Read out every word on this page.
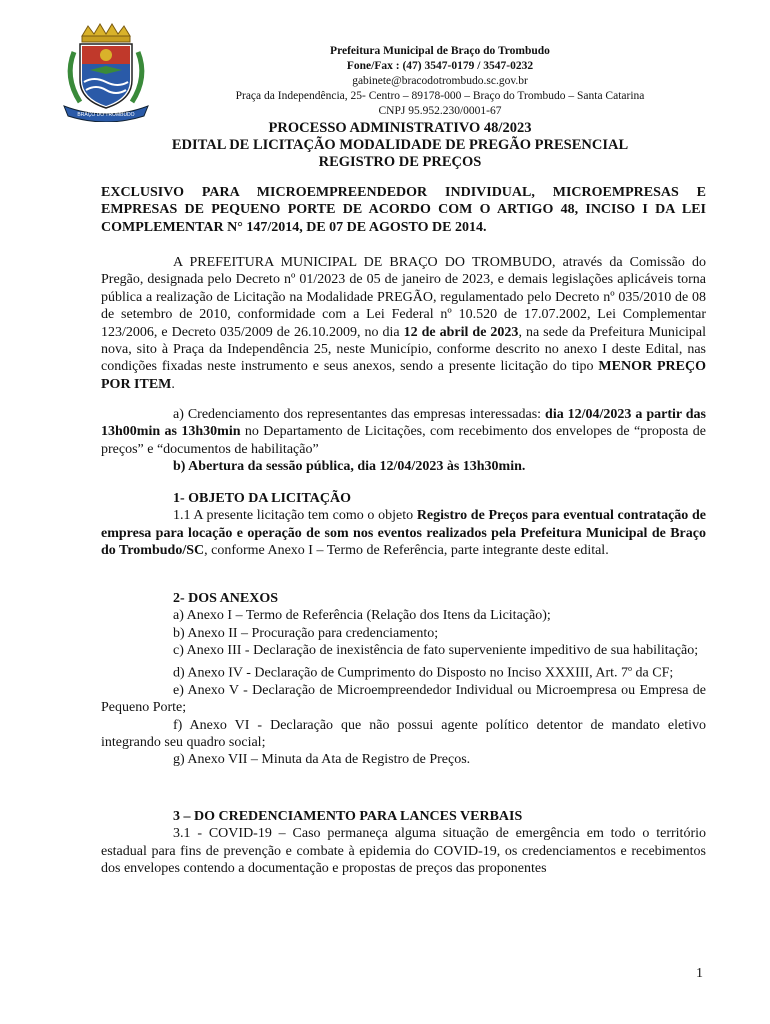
BRAÇO DO TROMBUDO
Prefeitura Municipal de Braço do Trombudo
Fone/Fax : (47) 3547-0179 / 3547-0232
gabinete@bracodotrombudo.sc.gov.br
Praça da Independência, 25- Centro – 89178-000 – Braço do Trombudo – Santa Catarina
CNPJ 95.952.230/0001-67
PROCESSO ADMINISTRATIVO 48/2023
EDITAL DE LICITAÇÃO MODALIDADE DE PREGÃO PRESENCIAL
REGISTRO DE PREÇOS

EXCLUSIVO PARA MICROEMPREENDEDOR INDIVIDUAL, MICROEMPRESAS E EMPRESAS DE PEQUENO PORTE DE ACORDO COM O ARTIGO 48, INCISO I DA LEI COMPLEMENTAR N° 147/2014, DE 07 DE AGOSTO DE 2014.

A PREFEITURA MUNICIPAL DE BRAÇO DO TROMBUDO, através da Comissão do Pregão, designada pelo Decreto nº 01/2023 de 05 de janeiro de 2023, e demais legislações aplicáveis torna pública a realização de Licitação na Modalidade PREGÃO, regulamentado pelo Decreto nº 035/2010 de 08 de setembro de 2010, conformidade com a Lei Federal nº 10.520 de 17.07.2002, Lei Complementar 123/2006, e Decreto 035/2009 de 26.10.2009, no dia 12 de abril de 2023, na sede da Prefeitura Municipal nova, sito à Praça da Independência 25, neste Município, conforme descrito no anexo I deste Edital, nas condições fixadas neste instrumento e seus anexos, sendo a presente licitação do tipo MENOR PREÇO POR ITEM.

a) Credenciamento dos representantes das empresas interessadas: dia 12/04/2023 a partir das 13h00min as 13h30min no Departamento de Licitações, com recebimento dos envelopes de “proposta de preços” e “documentos de habilitação”

b) Abertura da sessão pública, dia 12/04/2023 às 13h30min.

1- OBJETO DA LICITAÇÃO

1.1 A presente licitação tem como o objeto Registro de Preços para eventual contratação de empresa para locação e operação de som nos eventos realizados pela Prefeitura Municipal de Braço do Trombudo/SC, conforme Anexo I – Termo de Referência, parte integrante deste edital.

2- DOS ANEXOS

a) Anexo I – Termo de Referência (Relação dos Itens da Licitação);

b) Anexo II – Procuração para credenciamento;

c) Anexo III - Declaração de inexistência de fato superveniente impeditivo de sua habilitação;

d) Anexo IV - Declaração de Cumprimento do Disposto no Inciso XXXIII, Art. 7$^o$ da CF;

e) Anexo V - Declaração de Microempreendedor Individual ou Microempresa ou Empresa de Pequeno Porte;

f) Anexo VI - Declaração que não possui agente político detentor de mandato eletivo integrando seu quadro social;

g) Anexo VII – Minuta da Ata de Registro de Preços.

3 – DO CREDENCIAMENTO PARA LANCES VERBAIS

3.1 - COVID-19 – Caso permaneça alguma situação de emergência em todo o território estadual para fins de prevenção e combate à epidemia do COVID-19, os credenciamentos e recebimentos dos envelopes contendo a documentação e propostas de preços das proponentes

1
